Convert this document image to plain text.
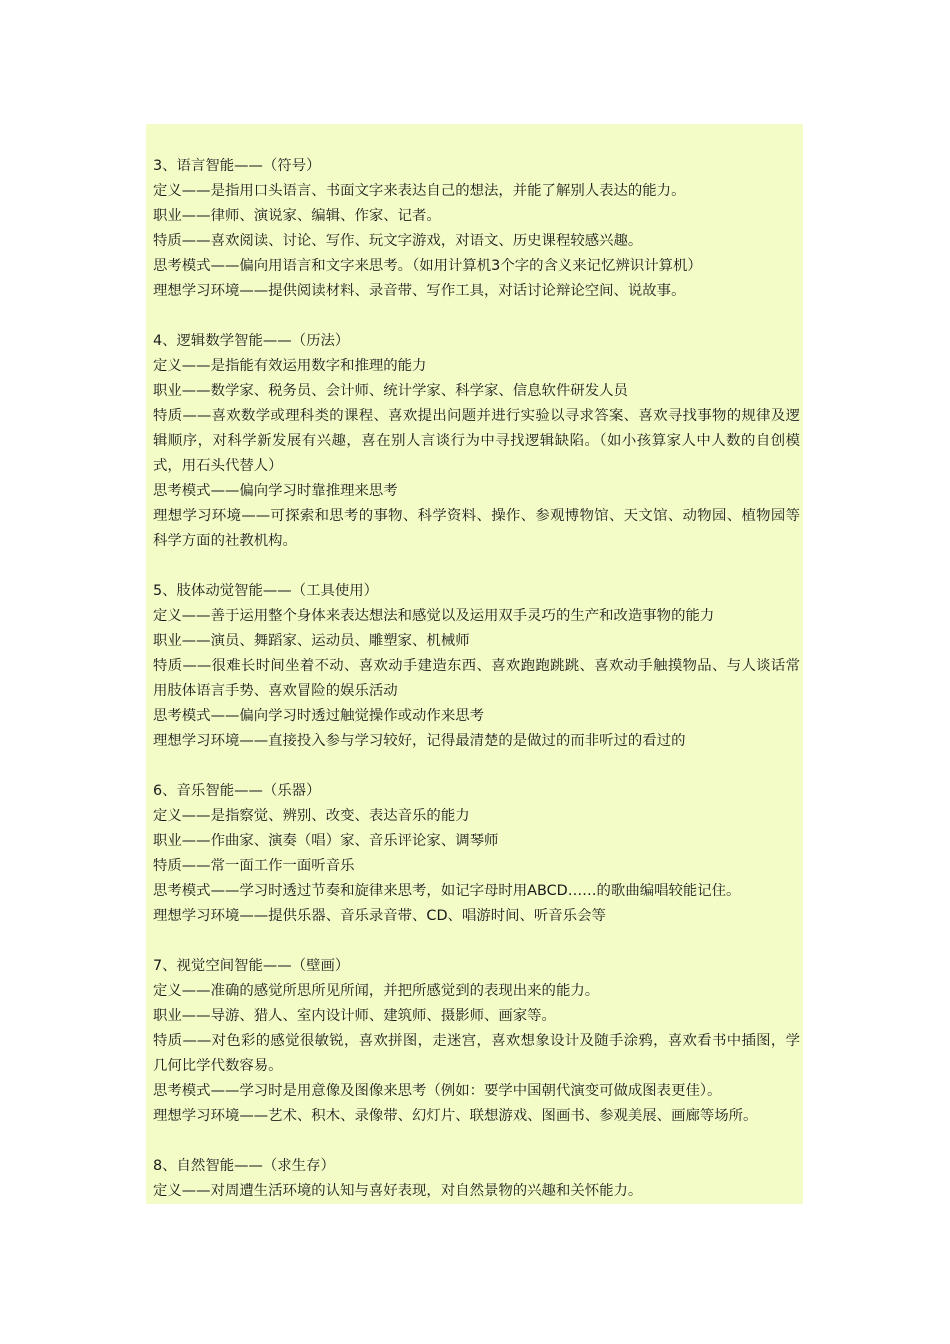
3、语言智能——（符号）
定义——是指用口头语言、书面文字来表达自己的想法，并能了解别人表达的能力。
职业——律师、演说家、编辑、作家、记者。
特质——喜欢阅读、讨论、写作、玩文字游戏，对语文、历史课程较感兴趣。
思考模式——偏向用语言和文字来思考。（如用计算机3个字的含义来记忆辨识计算机）
理想学习环境——提供阅读材料、录音带、写作工具，对话讨论辩论空间、说故事。
4、逻辑数学智能——（历法）
定义——是指能有效运用数字和推理的能力
职业——数学家、税务员、会计师、统计学家、科学家、信息软件研发人员
特质——喜欢数学或理科类的课程、喜欢提出问题并进行实验以寻求答案、喜欢寻找事物的规律及逻辑顺序，对科学新发展有兴趣，喜在别人言谈行为中寻找逻辑缺陷。（如小孩算家人中人数的自创模式，用石头代替人）
思考模式——偏向学习时靠推理来思考
理想学习环境——可探索和思考的事物、科学资料、操作、参观博物馆、天文馆、动物园、植物园等科学方面的社教机构。
5、肢体动觉智能——（工具使用）
定义——善于运用整个身体来表达想法和感觉以及运用双手灵巧的生产和改造事物的能力
职业——演员、舞蹈家、运动员、雕塑家、机械师
特质——很难长时间坐着不动、喜欢动手建造东西、喜欢跑跑跳跳、喜欢动手触摸物品、与人谈话常用肢体语言手势、喜欢冒险的娱乐活动
思考模式——偏向学习时透过触觉操作或动作来思考
理想学习环境——直接投入参与学习较好，记得最清楚的是做过的而非听过的看过的
6、音乐智能——（乐器）
定义——是指察觉、辨别、改变、表达音乐的能力
职业——作曲家、演奏（唱）家、音乐评论家、调琴师
特质——常一面工作一面听音乐
思考模式——学习时透过节奏和旋律来思考，如记字母时用ABCD……的歌曲编唱较能记住。
理想学习环境——提供乐器、音乐录音带、CD、唱游时间、听音乐会等
7、视觉空间智能——（壁画）
定义——准确的感觉所思所见所闻，并把所感觉到的表现出来的能力。
职业——导游、猎人、室内设计师、建筑师、摄影师、画家等。
特质——对色彩的感觉很敏锐，喜欢拼图，走迷宫，喜欢想象设计及随手涂鸦，喜欢看书中插图，学几何比学代数容易。
思考模式——学习时是用意像及图像来思考（例如：要学中国朝代演变可做成图表更佳）。
理想学习环境——艺术、积木、录像带、幻灯片、联想游戏、图画书、参观美展、画廊等场所。
8、自然智能——（求生存）
定义——对周遭生活环境的认知与喜好表现，对自然景物的兴趣和关怀能力。
